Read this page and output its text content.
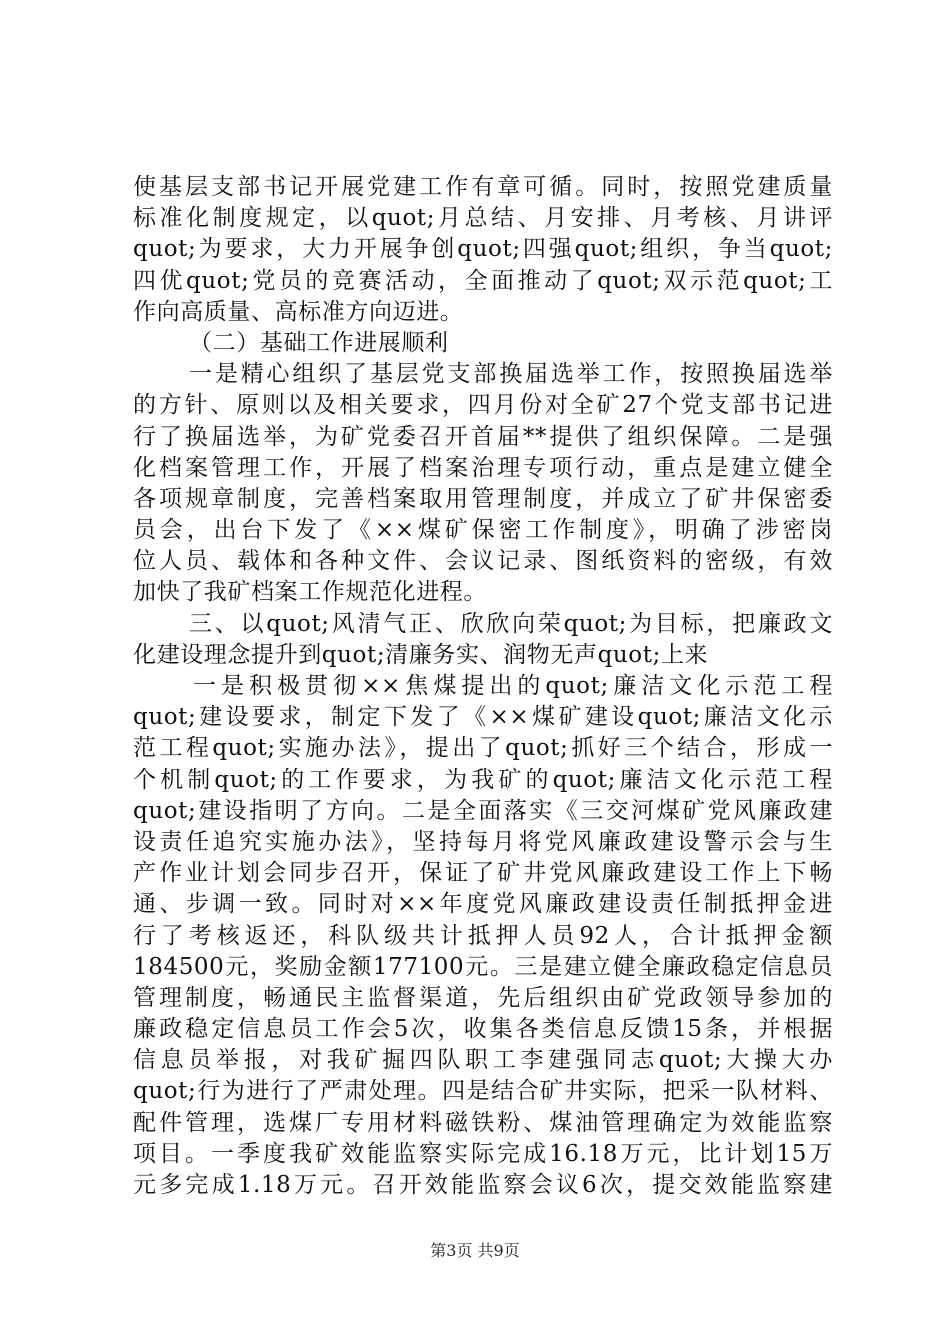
使基层支部书记开展党建工作有章可循。同时，按照党建质量
标准化制度规定，以quot;月总结、月安排、月考核、月讲评
quot;为要求，大力开展争创quot;四强quot;组织，争当quot;
四优quot;党员的竞赛活动，全面推动了quot;双示范quot;工
作向高质量、高标准方向迈进。
（二）基础工作进展顺利
一是精心组织了基层党支部换届选举工作，按照换届选举
的方针、原则以及相关要求，四月份对全矿27个党支部书记进
行了换届选举，为矿党委召开首届**提供了组织保障。二是强
化档案管理工作，开展了档案治理专项行动，重点是建立健全
各项规章制度，完善档案取用管理制度，并成立了矿井保密委
员会，出台下发了《××煤矿保密工作制度》，明确了涉密岗
位人员、载体和各种文件、会议记录、图纸资料的密级，有效
加快了我矿档案工作规范化进程。
三、以quot;风清气正、欣欣向荣quot;为目标，把廉政文
化建设理念提升到quot;清廉务实、润物无声quot;上来
一是积极贯彻××焦煤提出的quot;廉洁文化示范工程
quot;建设要求，制定下发了《××煤矿建设quot;廉洁文化示
范工程quot;实施办法》，提出了quot;抓好三个结合，形成一
个机制quot;的工作要求，为我矿的quot;廉洁文化示范工程
quot;建设指明了方向。二是全面落实《三交河煤矿党风廉政建
设责任追究实施办法》，坚持每月将党风廉政建设警示会与生
产作业计划会同步召开，保证了矿井党风廉政建设工作上下畅
通、步调一致。同时对××年度党风廉政建设责任制抵押金进
行了考核返还，科队级共计抵押人员92人，合计抵押金额
184500元，奖励金额177100元。三是建立健全廉政稳定信息员
管理制度，畅通民主监督渠道，先后组织由矿党政领导参加的
廉政稳定信息员工作会5次，收集各类信息反馈15条，并根据
信息员举报，对我矿掘四队职工李建强同志quot;大操大办
quot;行为进行了严肃处理。四是结合矿井实际，把采一队材料、
配件管理，选煤厂专用材料磁铁粉、煤油管理确定为效能监察
项目。一季度我矿效能监察实际完成16.18万元，比计划15万
元多完成1.18万元。召开效能监察会议6次，提交效能监察建
第3页 共9页
